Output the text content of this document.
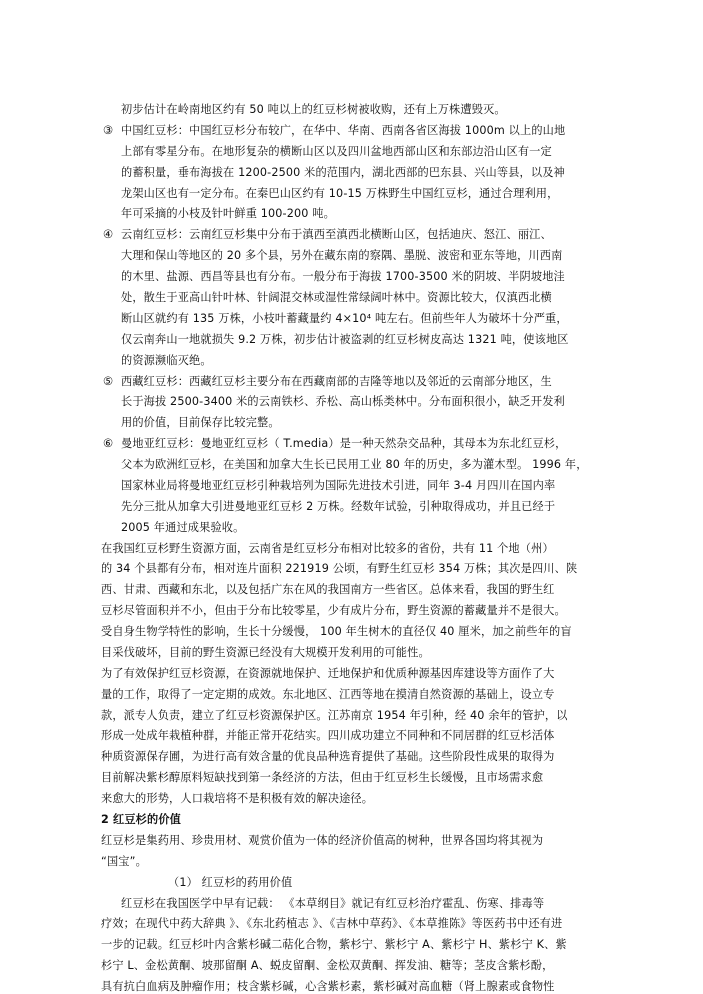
初步估计在岭南地区约有 50 吨以上的红豆杉树被收购，还有上万株遭毁灭。
③ 中国红豆杉：中国红豆杉分布较广，在华中、华南、西南各省区海拔 1000m 以上的山地
上部有零星分布。在地形复杂的横断山区以及四川盆地西部山区和东部边沿山区有一定
的蓄积量，垂布海拔在 1200-2500 米的范围内，湖北西部的巴东县、兴山等县，以及神
龙架山区也有一定分布。在秦巴山区约有 10-15 万株野生中国红豆杉，通过合理利用，
年可采摘的小枝及针叶鲜重 100-200 吨。
④ 云南红豆杉：云南红豆杉集中分布于滇西至滇西北横断山区，包括迪庆、怒江、丽江、
大理和保山等地区的 20 多个县，另外在藏东南的察隅、墨脱、波密和亚东等地，川西南
的木里、盐源、西昌等县也有分布。一般分布于海拔 1700-3500 米的阴坡、半阴坡地洼
处，散生于亚高山针叶林、针阔混交林或湿性常绿阔叶林中。资源比较大，仅滇西北横
断山区就约有 135 万株，小枝叶蓄藏量约 4×10⁴ 吨左右。但前些年人为破坏十分严重，
仅云南奔山一地就损失 9.2 万株，初步估计被盗剥的红豆杉树皮高达 1321 吨，使该地区
的资源濒临灭绝。
⑤ 西藏红豆杉：西藏红豆杉主要分布在西藏南部的吉隆等地以及邻近的云南部分地区，生
长于海拔 2500-3400 米的云南铁杉、乔松、高山栎类林中。分布面积很小，缺乏开发利
用的价值，目前保存比较完整。
⑥ 曼地亚红豆杉：曼地亚红豆杉（ T.media）是一种天然杂交品种，其母本为东北红豆杉，
父本为欧洲红豆杉，在美国和加拿大生长已民用工业 80 年的历史，多为灌木型。 1996 年，
国家林业局将曼地亚红豆杉引种栽培列为国际先进技术引进，同年 3-4 月四川在国内率
先分三批从加拿大引进曼地亚红豆杉 2 万株。经数年试验，引种取得成功，并且已经于
2005 年通过成果验收。
在我国红豆杉野生资源方面，云南省是红豆杉分布相对比较多的省份，共有 11 个地（州）
的 34 个县都有分布，相对连片面积 221919 公顷，有野生红豆杉 354 万株；其次是四川、陕
西、甘肃、西藏和东北，以及包括广东在风的我国南方一些省区。总体来看，我国的野生红
豆杉尽管面积并不小，但由于分布比较零星，少有成片分布，野生资源的蓄藏量并不是很大。
受自身生物学特性的影响，生长十分缓慢， 100 年生树木的直径仅 40 厘米，加之前些年的盲
目采伐破坏，目前的野生资源已经没有大规模开发利用的可能性。
为了有效保护红豆杉资源，在资源就地保护、迁地保护和优质种源基因库建设等方面作了大
量的工作，取得了一定定期的成效。东北地区、江西等地在摸清自然资源的基础上，设立专
款，派专人负责，建立了红豆杉资源保护区。江苏南京 1954 年引种，经 40 余年的管护，以
形成一处成年栽植种群，并能正常开花结实。四川成功建立不同种和不同居群的红豆杉活体
种质资源保存圃，为进行高有效含量的优良品种选育提供了基础。这些阶段性成果的取得为
目前解决紫杉醇原料短缺找到第一条经济的方法，但由于红豆杉生长缓慢，且市场需求愈
来愈大的形势，人口栽培将不是积极有效的解决途径。
2 红豆杉的价值
红豆杉是集药用、珍贵用材、观赏价值为一体的经济价值高的树种，世界各国均将其视为
“国宝”。
（1） 红豆杉的药用价值
红豆杉在我国医学中早有记载： 《本草纲目》就记有红豆杉治疗霍乱、伤寒、排毒等
疗效；在现代中药大辞典 》、《东北药植志 》、《吉林中草药》、《本草推陈》等医药书中还有进
一步的记载。红豆杉叶内含紫杉碱二萜化合物，紫杉宁、紫杉宁 A、紫杉宁 H、紫杉宁 K、紫
杉宁 L、金松黄酮、坡那留酮 A、蜕皮留酮、金松双黄酮、挥发油、糖等；茎皮含紫杉酚，
具有抗白血病及肿瘤作用；枝含紫杉碱，心含紫杉素，紫杉碱对高血糖（肾上腺素或食物性
